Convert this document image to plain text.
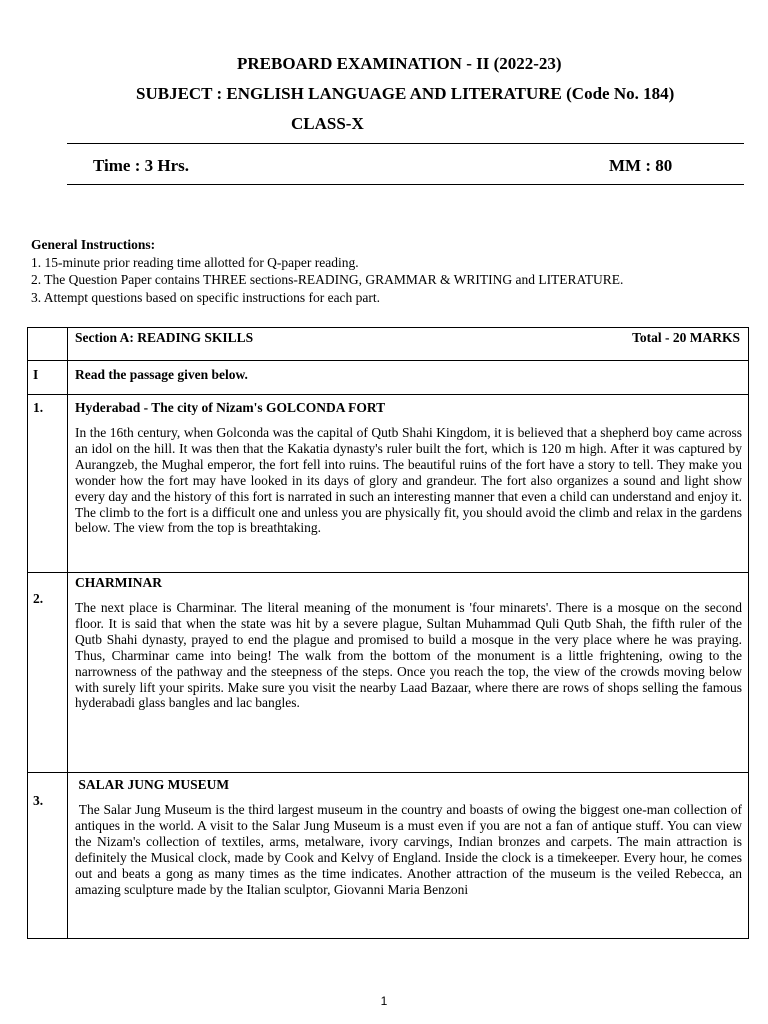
PREBOARD EXAMINATION - II (2022-23)
SUBJECT : ENGLISH LANGUAGE AND LITERATURE (Code No. 184)
CLASS-X
Time : 3 Hrs.	MM : 80
General Instructions:
1. 15-minute prior reading time allotted for Q-paper reading.
2. The Question Paper contains THREE sections-READING, GRAMMAR & WRITING and LITERATURE.
3. Attempt questions based on specific instructions for each part.

	Section A: READING SKILLS Total - 20 MARKS

I	Read the passage given below.
1.	Hyderabad - The city of Nizam's GOLCONDA FORT

In the 16th century, when Golconda was the capital of Qutb Shahi Kingdom, it is believed that a shepherd boy came across an idol on the hill. It was then that the Kakatia dynasty's ruler built the fort, which is 120 m high. After it was captured by Aurangzeb, the Mughal emperor, the fort fell into ruins. The beautiful ruins of the fort have a story to tell. They make you wonder how the fort may have looked in its days of glory and grandeur. The fort also organizes a sound and light show every day and the history of this fort is narrated in such an interesting manner that even a child can understand and enjoy it. The climb to the fort is a difficult one and unless you are physically fit, you should avoid the climb and relax in the gardens below. The view from the top is breathtaking.

2.	CHARMINAR

The next place is Charminar. The literal meaning of the monument is 'four minarets'. There is a mosque on the second floor. It is said that when the state was hit by a severe plague, Sultan Muhammad Quli Qutb Shah, the fifth ruler of the Qutb Shahi dynasty, prayed to end the plague and promised to build a mosque in the very place where he was praying. Thus, Charminar came into being! The walk from the bottom of the monument is a little frightening, owing to the narrowness of the pathway and the steepness of the steps. Once you reach the top, the view of the crowds moving below with surely lift your spirits. Make sure you visit the nearby Laad Bazaar, where there are rows of shops selling the famous hyderabadi glass bangles and lac bangles.

3.	SALAR JUNG MUSEUM

The Salar Jung Museum is the third largest museum in the country and boasts of owing the biggest one-man collection of antiques in the world. A visit to the Salar Jung Museum is a must even if you are not a fan of antique stuff. You can view the Nizam's collection of textiles, arms, metalware, ivory carvings, Indian bronzes and carpets. The main attraction is definitely the Musical clock, made by Cook and Kelvy of England. Inside the clock is a timekeeper. Every hour, he comes out and beats a gong as many times as the time indicates. Another attraction of the museum is the veiled Rebecca, an amazing sculpture made by the Italian sculptor, Giovanni Maria Benzoni

1
